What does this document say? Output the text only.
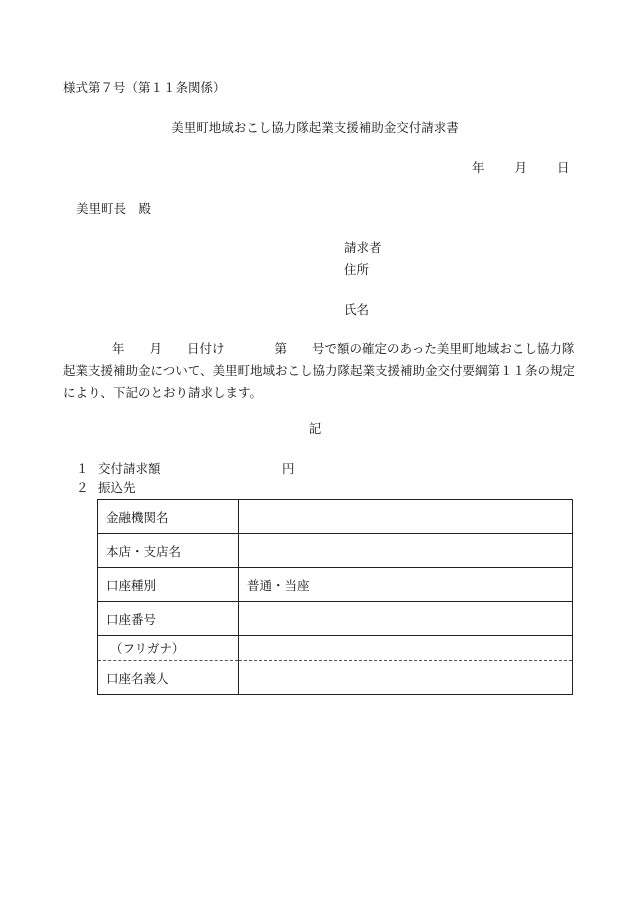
様式第７号（第１１条関係）
美里町地域おこし協力隊起業支援補助金交付請求書
年 月 日
美里町長　殿
請求者
住所
氏名
年　　月　　日付け　　　　第　　号で額の確定のあった美里町地域おこし協力隊
起業支援補助金について、美里町地域おこし協力隊起業支援補助金交付要綱第１１条の規定
により、下記のとおり請求します。
記
１ 交付請求額	円
２ 振込先
金融機関名	
本店・支店名	
口座種別	普通・当座
口座番号	
（フリガナ）	
口座名義人	
